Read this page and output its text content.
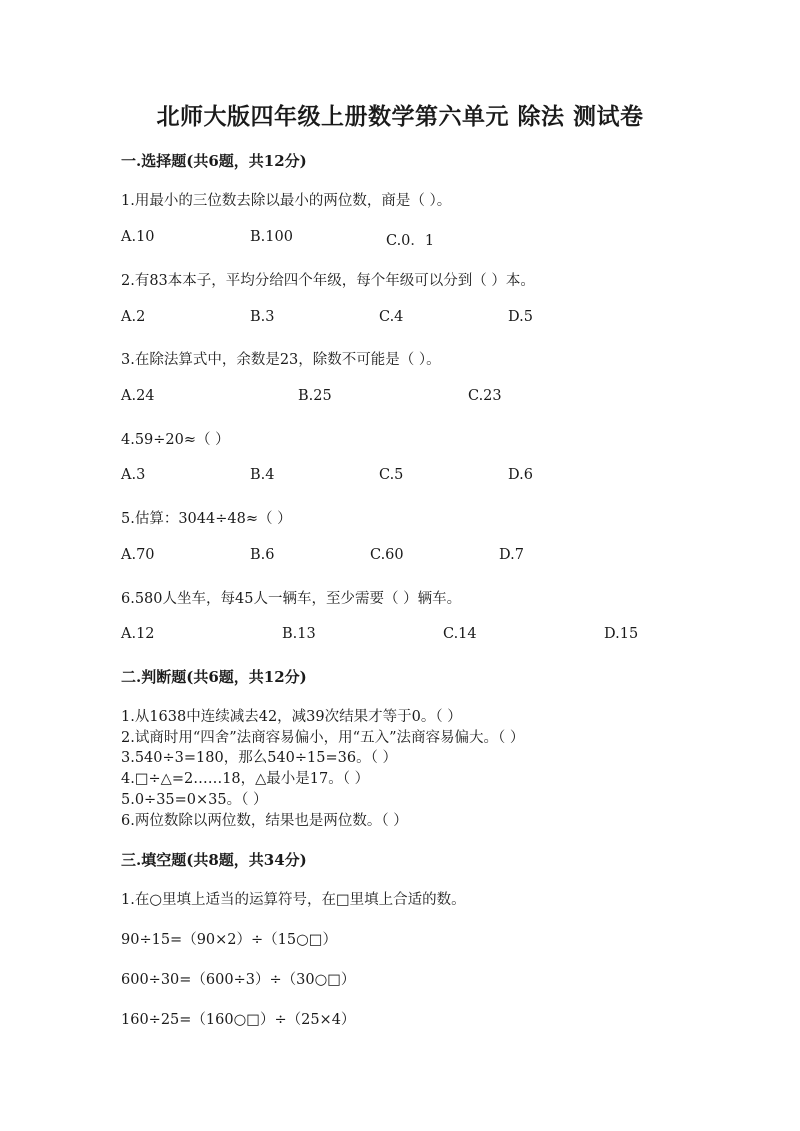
北师大版四年级上册数学第六单元 除法 测试卷
一.选择题(共6题，共12分)
1.用最小的三位数去除以最小的两位数，商是（ ）。
A.10	B.100	C.0．1
2.有83本本子，平均分给四个年级，每个年级可以分到（ ）本。
A.2	B.3	C.4	D.5
3.在除法算式中，余数是23，除数不可能是（ ）。
A.24	B.25	C.23
4.59÷20≈（ ）
A.3	B.4	C.5	D.6
5.估算：3044÷48≈（ ）
A.70	B.6	C.60	D.7
6.580人坐车，每45人一辆车，至少需要（ ）辆车。
A.12	B.13	C.14	D.15
二.判断题(共6题，共12分)
1.从1638中连续减去42，减39次结果才等于0。（ ）
2.试商时用“四舍”法商容易偏小，用“五入”法商容易偏大。（ ）
3.540÷3=180，那么540÷15=36。（ ）
4.□÷△=2……18，△最小是17。（ ）
5.0÷35=0×35。（ ）
6.两位数除以两位数，结果也是两位数。（ ）
三.填空题(共8题，共34分)
1.在○里填上适当的运算符号，在□里填上合适的数。
90÷15=（90×2）÷（15○□）
600÷30=（600÷3）÷（30○□）
160÷25=（160○□）÷（25×4）
